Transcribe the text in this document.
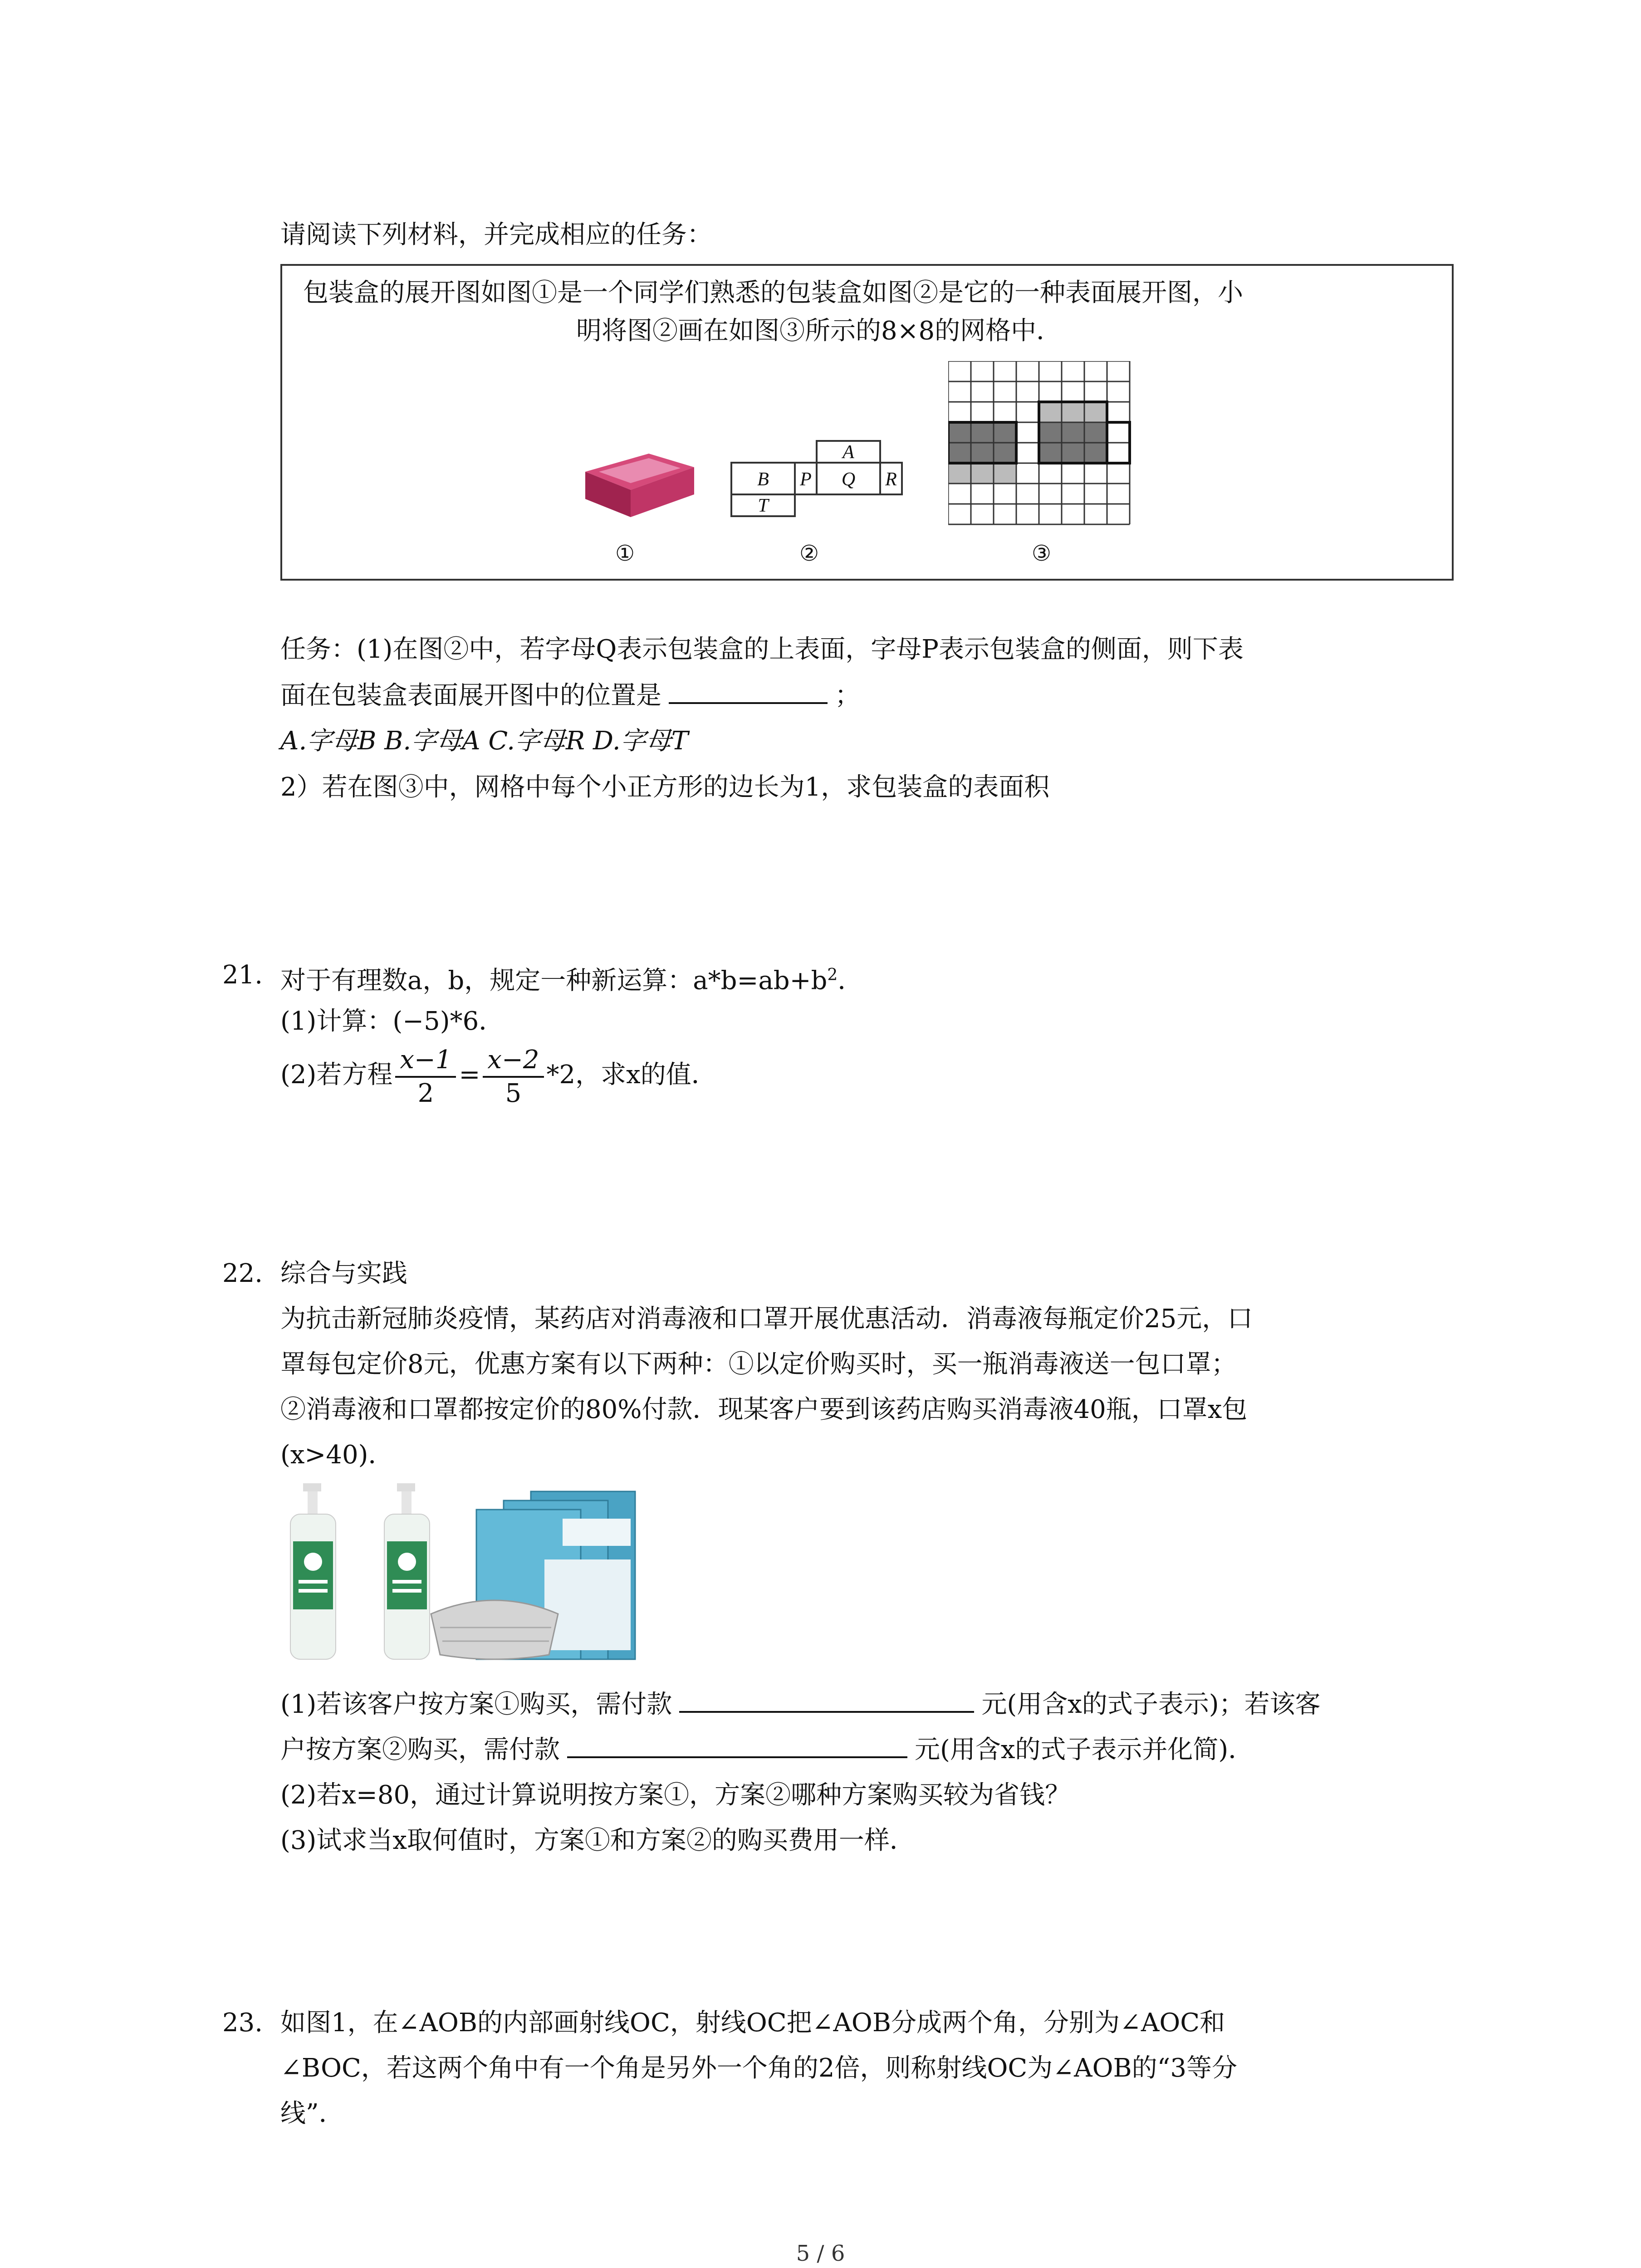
请阅读下列材料，并完成相应的任务：
包装盒的展开图如图①是一个同学们熟悉的包装盒如图②是它的一种表面展开图，小
明将图②画在如图③所示的8×8的网格中．
B P Q R
A
T
①	②	③
任务：(1)在图②中，若字母Q表示包装盒的上表面，字母P表示包装盒的侧面，则下表
面在包装盒表面展开图中的位置是	；
A.字母B B.字母A C.字母R D.字母T
2）若在图③中，网格中每个小正方形的边长为1，求包装盒的表面积
21. 对于有理数a，b，规定一种新运算：$a*b=ab+b^2$．
(1)计算：(−5)*6．
(2)若方程 $\frac{x-1}{2} = \frac{x-2}{5} *2$，求x的值．
22. 综合与实践
为抗击新冠肺炎疫情，某药店对消毒液和口罩开展优惠活动．消毒液每瓶定价25元，口
罩每包定价8元，优惠方案有以下两种：①以定价购买时，买一瓶消毒液送一包口罩；
②消毒液和口罩都按定价的80%付款．现某客户要到该药店购买消毒液40瓶，口罩x包
(x>40)．
(1)若该客户按方案①购买，需付款	元(用含x的式子表示)；若该客
户按方案②购买，需付款	元(用含x的式子表示并化简)．
(2)若x=80，通过计算说明按方案①，方案②哪种方案购买较为省钱？
(3)试求当x取何值时，方案①和方案②的购买费用一样．
23. 如图1，在∠AOB的内部画射线OC，射线OC把∠AOB分成两个角，分别为∠AOC和
∠BOC，若这两个角中有一个角是另外一个角的2倍，则称射线OC为∠AOB的“3等分
线”．
5 / 6
